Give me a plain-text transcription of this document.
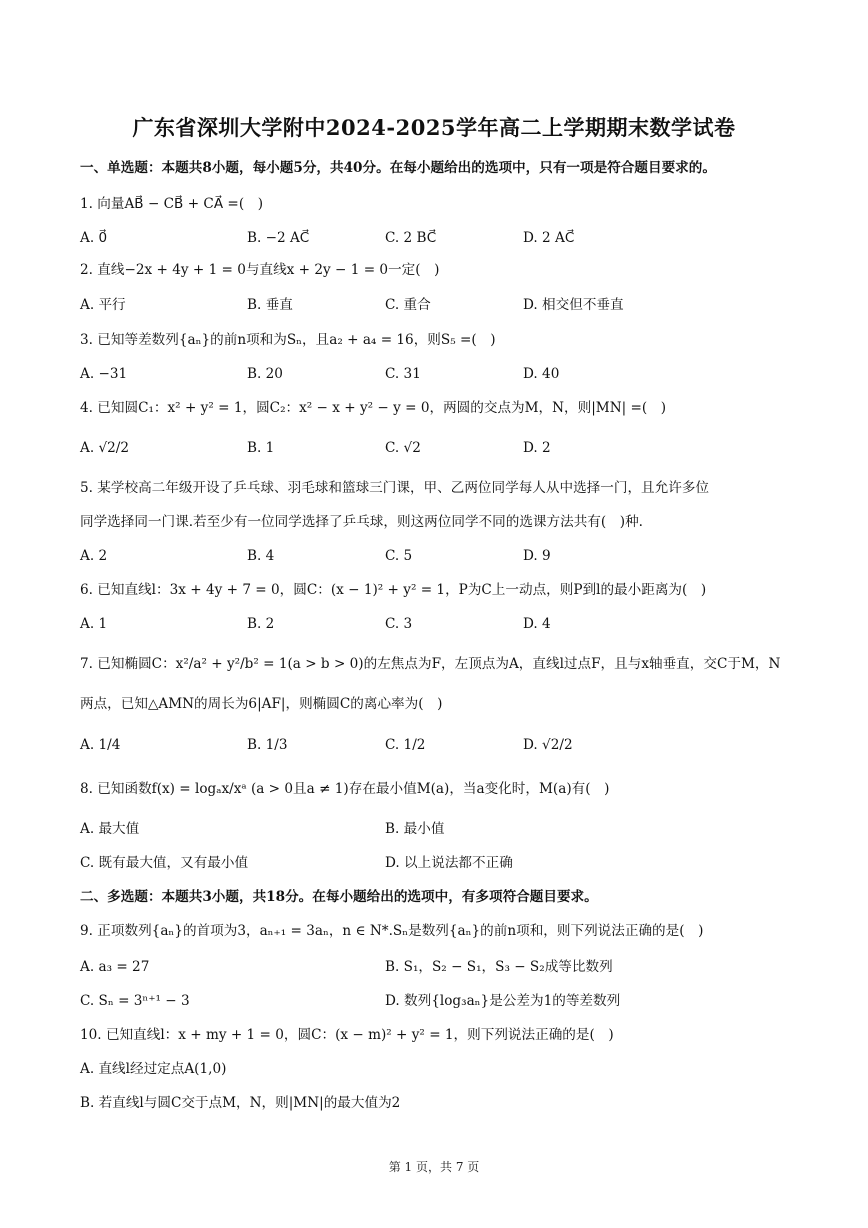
广东省深圳大学附中2024-2025学年高二上学期期末数学试卷
一、单选题：本题共8小题，每小题5分，共40分。在每小题给出的选项中，只有一项是符合题目要求的。
1. 向量AB⃗ − CB⃗ + CA⃗ =(　)
A. 0⃗	B. −2 AC⃗	C. 2 BC⃗	D. 2 AC⃗
2. 直线−2x + 4y + 1 = 0与直线x + 2y − 1 = 0一定(　)
A. 平行	B. 垂直	C. 重合	D. 相交但不垂直
3. 已知等差数列{aₙ}的前n项和为Sₙ，且a₂ + a₄ = 16，则S₅ =(　)
A. −31	B. 20	C. 31	D. 40
4. 已知圆C₁：x² + y² = 1，圆C₂：x² − x + y² − y = 0，两圆的交点为M，N，则|MN| =(　)
A. √2/2	B. 1	C. √2	D. 2
5. 某学校高二年级开设了乒乓球、羽毛球和篮球三门课，甲、乙两位同学每人从中选择一门，且允许多位
同学选择同一门课.若至少有一位同学选择了乒乓球，则这两位同学不同的选课方法共有(　)种.
A. 2	B. 4	C. 5	D. 9
6. 已知直线l：3x + 4y + 7 = 0，圆C：(x − 1)² + y² = 1，P为C上一动点，则P到l的最小距离为(　)
A. 1	B. 2	C. 3	D. 4
7. 已知椭圆C：x²/a² + y²/b² = 1(a > b > 0)的左焦点为F，左顶点为A，直线l过点F，且与x轴垂直，交C于M，N
两点，已知△AMN的周长为6|AF|，则椭圆C的离心率为(　)
A. 1/4	B. 1/3	C. 1/2	D. √2/2
8. 已知函数f(x) = logₐx/xᵃ (a > 0且a ≠ 1)存在最小值M(a)，当a变化时，M(a)有(　)
A. 最大值	B. 最小值
C. 既有最大值，又有最小值	D. 以上说法都不正确
二、多选题：本题共3小题，共18分。在每小题给出的选项中，有多项符合题目要求。
9. 正项数列{aₙ}的首项为3，aₙ₊₁ = 3aₙ，n ∈ N*.Sₙ是数列{aₙ}的前n项和，则下列说法正确的是(　)
A. a₃ = 27	B. S₁，S₂ − S₁，S₃ − S₂成等比数列
C. Sₙ = 3ⁿ⁺¹ − 3	D. 数列{log₃aₙ}是公差为1的等差数列
10. 已知直线l：x + my + 1 = 0，圆C：(x − m)² + y² = 1，则下列说法正确的是(　)
A. 直线l经过定点A(1,0)
B. 若直线l与圆C交于点M，N，则|MN|的最大值为2
第 1 页，共 7 页
